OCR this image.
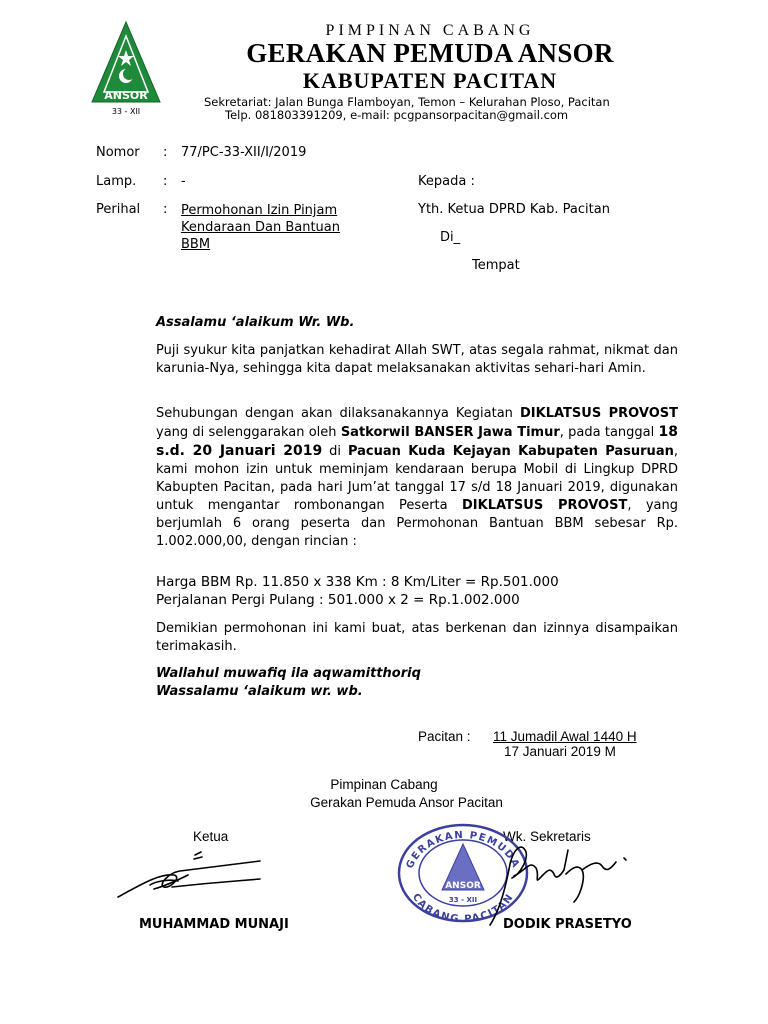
ANSOR
33 - XII
PIMPINAN CABANG
GERAKAN PEMUDA ANSOR
KABUPATEN PACITAN
Sekretariat: Jalan Bunga Flamboyan, Temon – Kelurahan Ploso, Pacitan
Telp. 081803391209, e-mail: pcgpansorpacitan@gmail.com
Nomor : 77/PC-33-XII/I/2019
Lamp. : -
Perihal : Permohonan Izin Pinjam
Kendaraan Dan Bantuan
BBM
Kepada :
Yth. Ketua DPRD Kab. Pacitan
Di_
Tempat
Assalamu ‘alaikum Wr. Wb.
Puji syukur kita panjatkan kehadirat Allah SWT, atas segala rahmat, nikmat dan karunia-Nya, sehingga kita dapat melaksanakan aktivitas sehari-hari Amin.
Sehubungan dengan akan dilaksanakannya Kegiatan DIKLATSUS PROVOST yang di selenggarakan oleh Satkorwil BANSER Jawa Timur, pada tanggal 18 s.d. 20 Januari 2019 di Pacuan Kuda Kejayan Kabupaten Pasuruan, kami mohon izin untuk meminjam kendaraan berupa Mobil di Lingkup DPRD Kabupten Pacitan, pada hari Jum’at tanggal 17 s/d 18 Januari 2019, digunakan untuk mengantar rombonangan Peserta DIKLATSUS PROVOST, yang berjumlah 6 orang peserta dan Permohonan Bantuan BBM sebesar Rp. 1.002.000,00, dengan rincian :
Harga BBM Rp. 11.850 x 338 Km : 8 Km/Liter = Rp.501.000
Perjalanan Pergi Pulang : 501.000 x 2 = Rp.1.002.000
Demikian permohonan ini kami buat, atas berkenan dan izinnya disampaikan terimakasih.
Wallahul muwafiq ila aqwamitthoriq
Wassalamu ‘alaikum wr. wb.
Pacitan : 11 Jumadil Awal 1440 H
17 Januari 2019 M
Pimpinan Cabang
Gerakan Pemuda Ansor Pacitan
Ketua	Wk. Sekretaris
GERAKAN PEMUDA
CABANG PACITAN
ANSOR
33 - XII
MUHAMMAD MUNAJI	DODIK PRASETYO
